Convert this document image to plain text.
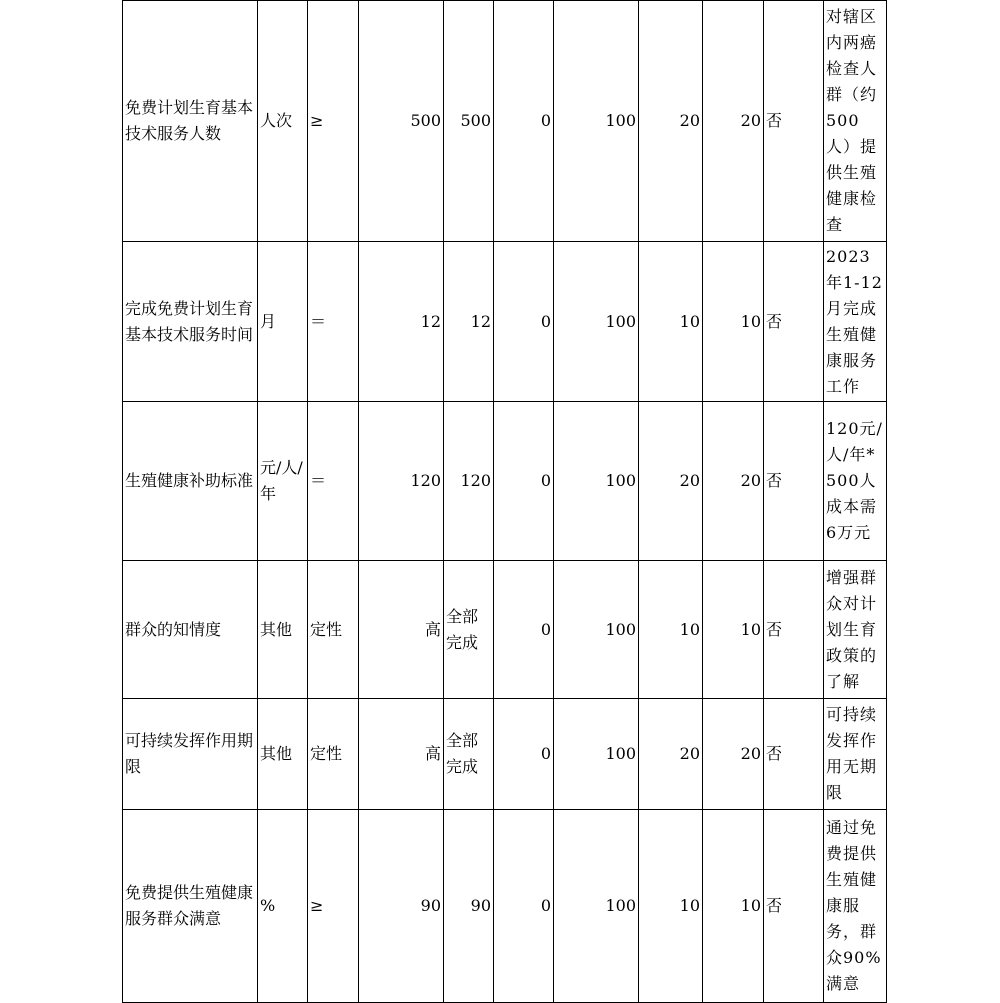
免费计划生育基本技术服务人数	人次	≥	500	500	0	100	20	20	否	对辖区内两癌检查人群（约500人）提供生殖健康检查
完成免费计划生育基本技术服务时间	月	＝	12	12	0	100	10	10	否	2023年1-12月完成生殖健康服务工作
生殖健康补助标准	元/人/年	＝	120	120	0	100	20	20	否	120元/人/年*500人成本需6万元
群众的知情度	其他	定性	高	全部完成	0	100	10	10	否	增强群众对计划生育政策的了解
可持续发挥作用期限	其他	定性	高	全部完成	0	100	20	20	否	可持续发挥作用无期限
免费提供生殖健康服务群众满意	%	≥	90	90	0	100	10	10	否	通过免费提供生殖健康服务，群众90%满意
